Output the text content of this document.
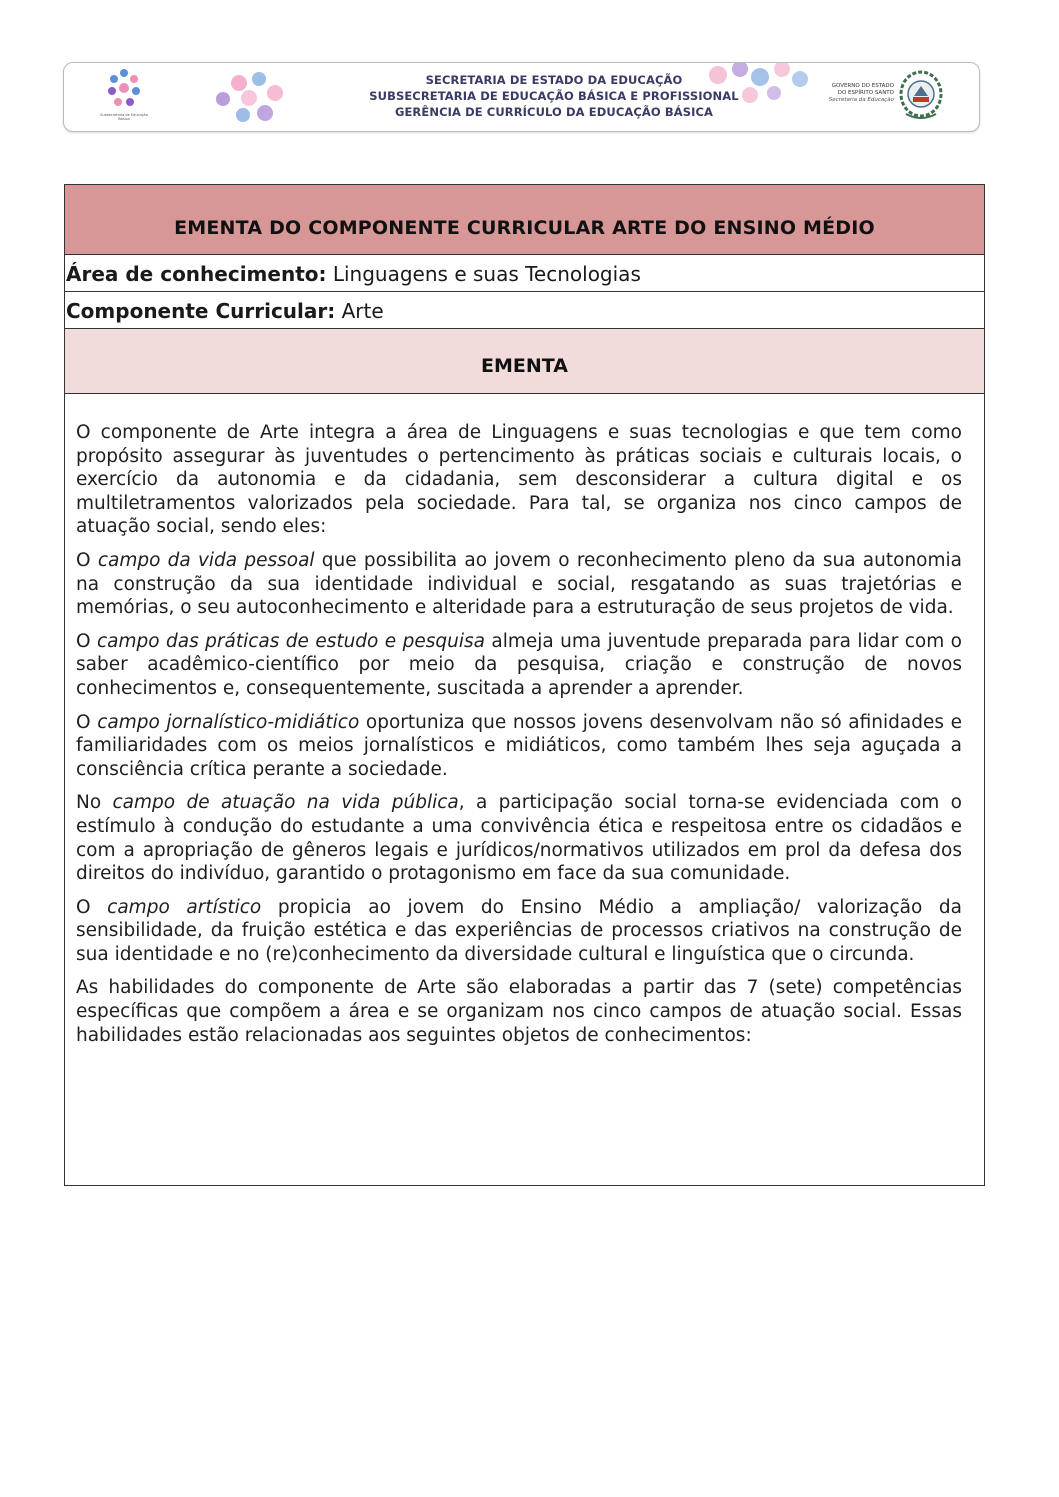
Subsecretaria de Educação Básica
SECRETARIA DE ESTADO DA EDUCAÇÃO
SUBSECRETARIA DE EDUCAÇÃO BÁSICA E PROFISSIONAL
GERÊNCIA DE CURRÍCULO DA EDUCAÇÃO BÁSICA
GOVERNO DO ESTADO
DO ESPÍRITO SANTO
Secretaria da Educação
EMENTA DO COMPONENTE CURRICULAR ARTE DO ENSINO MÉDIO
Área de conhecimento: Linguagens e suas Tecnologias
Componente Curricular: Arte
EMENTA

O componente de Arte integra a área de Linguagens e suas tecnologias e que tem como propósito assegurar às juventudes o pertencimento às práticas sociais e culturais locais, o exercício da autonomia e da cidadania, sem desconsiderar a cultura digital e os multiletramentos valorizados pela sociedade. Para tal, se organiza nos cinco campos de atuação social, sendo eles:

O campo da vida pessoal que possibilita ao jovem o reconhecimento pleno da sua autonomia na construção da sua identidade individual e social, resgatando as suas trajetórias e memórias, o seu autoconhecimento e alteridade para a estruturação de seus projetos de vida.

O campo das práticas de estudo e pesquisa almeja uma juventude preparada para lidar com o saber acadêmico-científico por meio da pesquisa, criação e construção de novos conhecimentos e, consequentemente, suscitada a aprender a aprender.

O campo jornalístico-midiático oportuniza que nossos jovens desenvolvam não só afinidades e familiaridades com os meios jornalísticos e midiáticos, como também lhes seja aguçada a consciência crítica perante a sociedade.

No campo de atuação na vida pública, a participação social torna-se evidenciada com o estímulo à condução do estudante a uma convivência ética e respeitosa entre os cidadãos e com a apropriação de gêneros legais e jurídicos/normativos utilizados em prol da defesa dos direitos do indivíduo, garantido o protagonismo em face da sua comunidade.

O campo artístico propicia ao jovem do Ensino Médio a ampliação/ valorização da sensibilidade, da fruição estética e das experiências de processos criativos na construção de sua identidade e no (re)conhecimento da diversidade cultural e linguística que o circunda.

As habilidades do componente de Arte são elaboradas a partir das 7 (sete) competências específicas que compõem a área e se organizam nos cinco campos de atuação social. Essas habilidades estão relacionadas aos seguintes objetos de conhecimentos:
